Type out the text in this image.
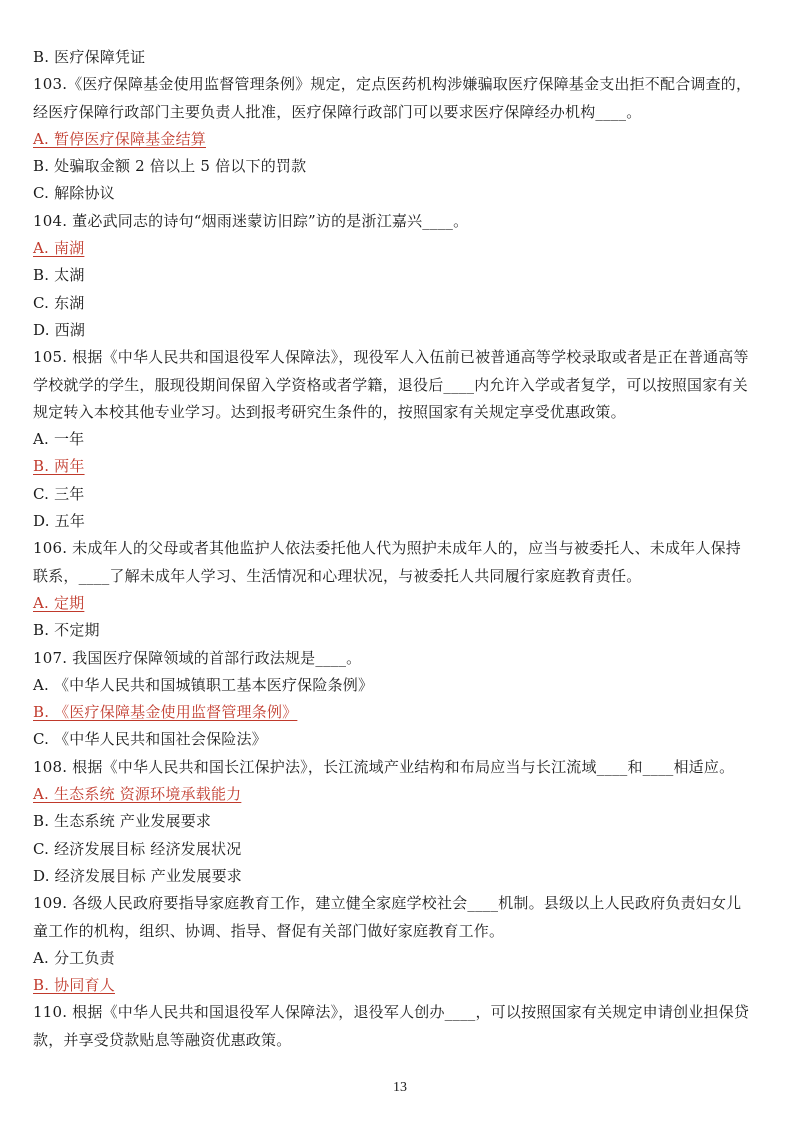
B. 医疗保障凭证
103.《医疗保障基金使用监督管理条例》规定，定点医药机构涉嫌骗取医疗保障基金支出拒不配合调查的，
经医疗保障行政部门主要负责人批准，医疗保障行政部门可以要求医疗保障经办机构____。
A. 暂停医疗保障基金结算
B. 处骗取金额 2 倍以上 5 倍以下的罚款
C. 解除协议
104. 董必武同志的诗句“烟雨迷蒙访旧踪”访的是浙江嘉兴____。
A. 南湖
B. 太湖
C. 东湖
D. 西湖
105. 根据《中华人民共和国退役军人保障法》，现役军人入伍前已被普通高等学校录取或者是正在普通高等
学校就学的学生，服现役期间保留入学资格或者学籍，退役后____内允许入学或者复学，可以按照国家有关
规定转入本校其他专业学习。达到报考研究生条件的，按照国家有关规定享受优惠政策。
A. 一年
B. 两年
C. 三年
D. 五年
106. 未成年人的父母或者其他监护人依法委托他人代为照护未成年人的，应当与被委托人、未成年人保持
联系，____了解未成年人学习、生活情况和心理状况，与被委托人共同履行家庭教育责任。
A. 定期
B. 不定期
107. 我国医疗保障领域的首部行政法规是____。
A. 《中华人民共和国城镇职工基本医疗保险条例》
B. 《医疗保障基金使用监督管理条例》
C. 《中华人民共和国社会保险法》
108. 根据《中华人民共和国长江保护法》，长江流域产业结构和布局应当与长江流域____和____相适应。
A. 生态系统 资源环境承载能力
B. 生态系统 产业发展要求
C. 经济发展目标 经济发展状况
D. 经济发展目标 产业发展要求
109. 各级人民政府要指导家庭教育工作，建立健全家庭学校社会____机制。县级以上人民政府负责妇女儿
童工作的机构，组织、协调、指导、督促有关部门做好家庭教育工作。
A. 分工负责
B. 协同育人
110. 根据《中华人民共和国退役军人保障法》，退役军人创办____，可以按照国家有关规定申请创业担保贷
款，并享受贷款贴息等融资优惠政策。
13
